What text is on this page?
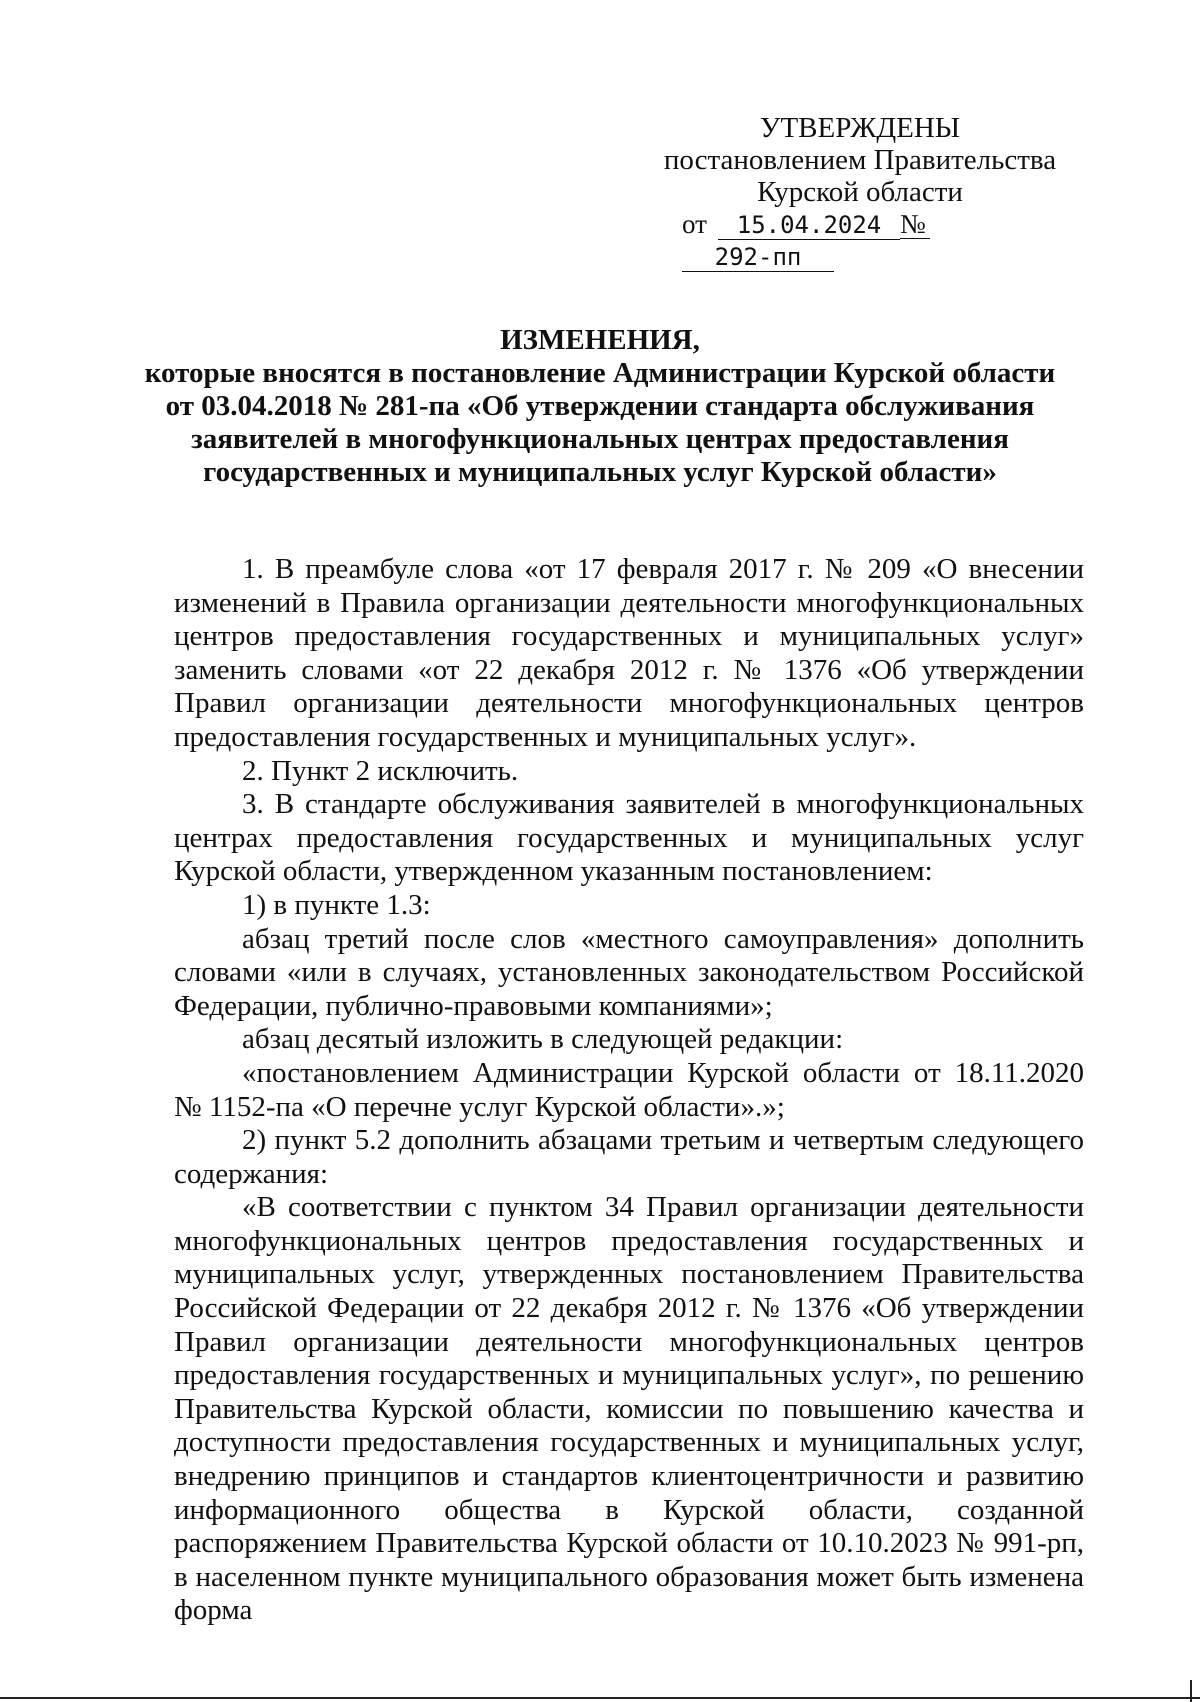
УТВЕРЖДЕНЫ
постановлением Правительства
Курской области
от 15.04.2024 №292-пп
ИЗМЕНЕНИЯ,
которые вносятся в постановление Администрации Курской области
от 03.04.2018 № 281-па «Об утверждении стандарта обслуживания
заявителей в многофункциональных центрах предоставления
государственных и муниципальных услуг Курской области»

1. В преамбуле слова «от 17 февраля 2017 г. № 209 «О внесении изменений в Правила организации деятельности многофункциональных центров предоставления государственных и муниципальных услуг» заменить словами «от 22 декабря 2012 г. № 1376 «Об утверждении Правил организации деятельности многофункциональных центров предоставления государственных и муниципальных услуг».

2. Пункт 2 исключить.

3. В стандарте обслуживания заявителей в многофункциональных центрах предоставления государственных и муниципальных услуг Курской области, утвержденном указанным постановлением:

1) в пункте 1.3:

абзац третий после слов «местного самоуправления» дополнить словами «или в случаях, установленных законодательством Российской Федерации, публично-правовыми компаниями»;

абзац десятый изложить в следующей редакции:

«постановлением Администрации Курской области от 18.11.2020 № 1152-па «О перечне услуг Курской области».»;

2) пункт 5.2 дополнить абзацами третьим и четвертым следующего содержания:

«В соответствии с пунктом 34 Правил организации деятельности многофункциональных центров предоставления государственных и муниципальных услуг, утвержденных постановлением Правительства Российской Федерации от 22 декабря 2012 г. № 1376 «Об утверждении Правил организации деятельности многофункциональных центров предоставления государственных и муниципальных услуг», по решению Правительства Курской области, комиссии по повышению качества и доступности предоставления государственных и муниципальных услуг, внедрению принципов и стандартов клиентоцентричности и развитию информационного общества в Курской области, созданной распоряжением Правительства Курской области от 10.10.2023 № 991-рп, в населенном пункте муниципального образования может быть изменена форма
